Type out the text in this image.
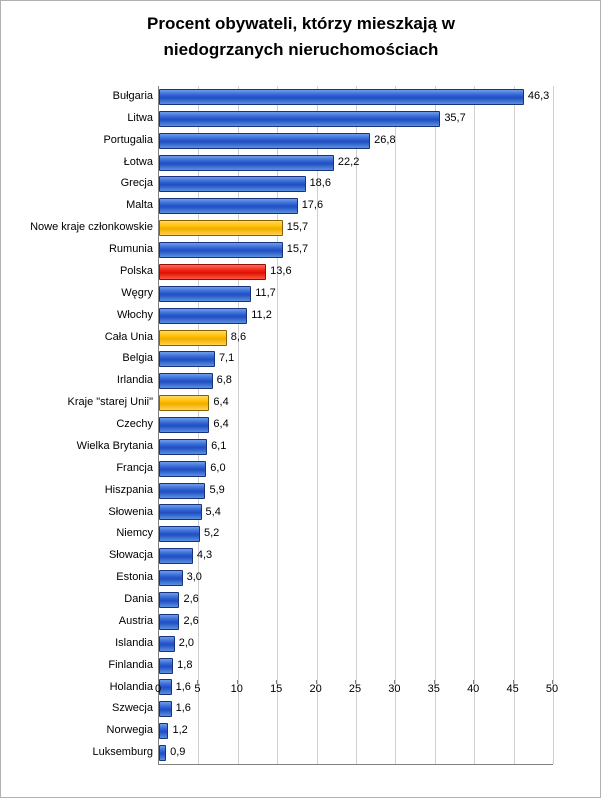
Procent obywateli, którzy mieszkają w
niedogrzanych nieruchomościach
Bułgaria	46,3
Litwa	35,7
Portugalia	26,8
Łotwa	22,2
Grecja	18,6
Malta	17,6
Nowe kraje członkowskie	15,7
Rumunia	15,7
Polska	13,6
Węgry	11,7
Włochy	11,2
Cała Unia	8,6
Belgia	7,1
Irlandia	6,8
Kraje "starej Unii"	6,4
Czechy	6,4
Wielka Brytania	6,1
Francja	6,0
Hiszpania	5,9
Słowenia	5,4
Niemcy	5,2
Słowacja	4,3
Estonia	3,0
Dania	2,6
Austria	2,6
Islandia 2,0
Finlandia 1,8
Holandia 1,6
Szwecja 1,6
Norwegia 1,2
Luksemburg 0,9
0	5	10 15 20 25 30 35 40 45 50
